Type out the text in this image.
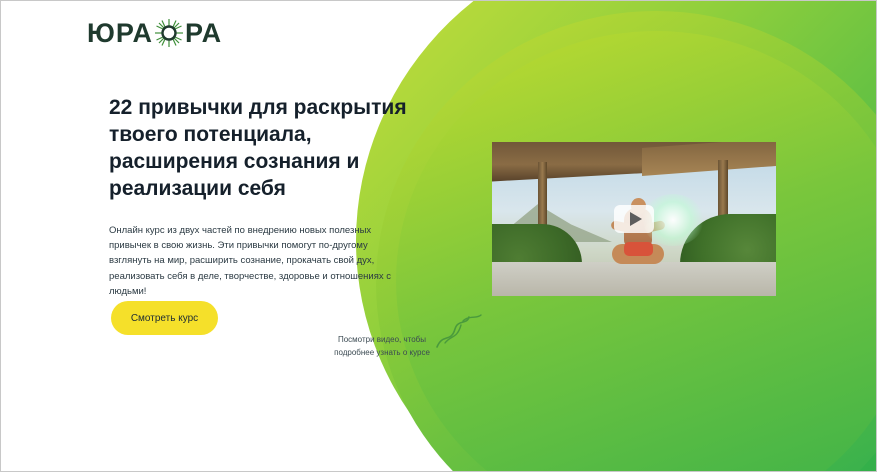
ЮРА РА
22 привычки для раскрытия твоего потенциала, расширения сознания и реализации себя

Онлайн курс из двух частей по внедрению новых полезных привычек в свою жизнь. Эти привычки помогут по-другому взглянуть на мир, расширить сознание, прокачать свой дух, реализовать себя в деле, творчестве, здоровье и отношениях с людьми!

Смотреть курс
Посмотри видео, чтобы подробнее узнать о курсе
